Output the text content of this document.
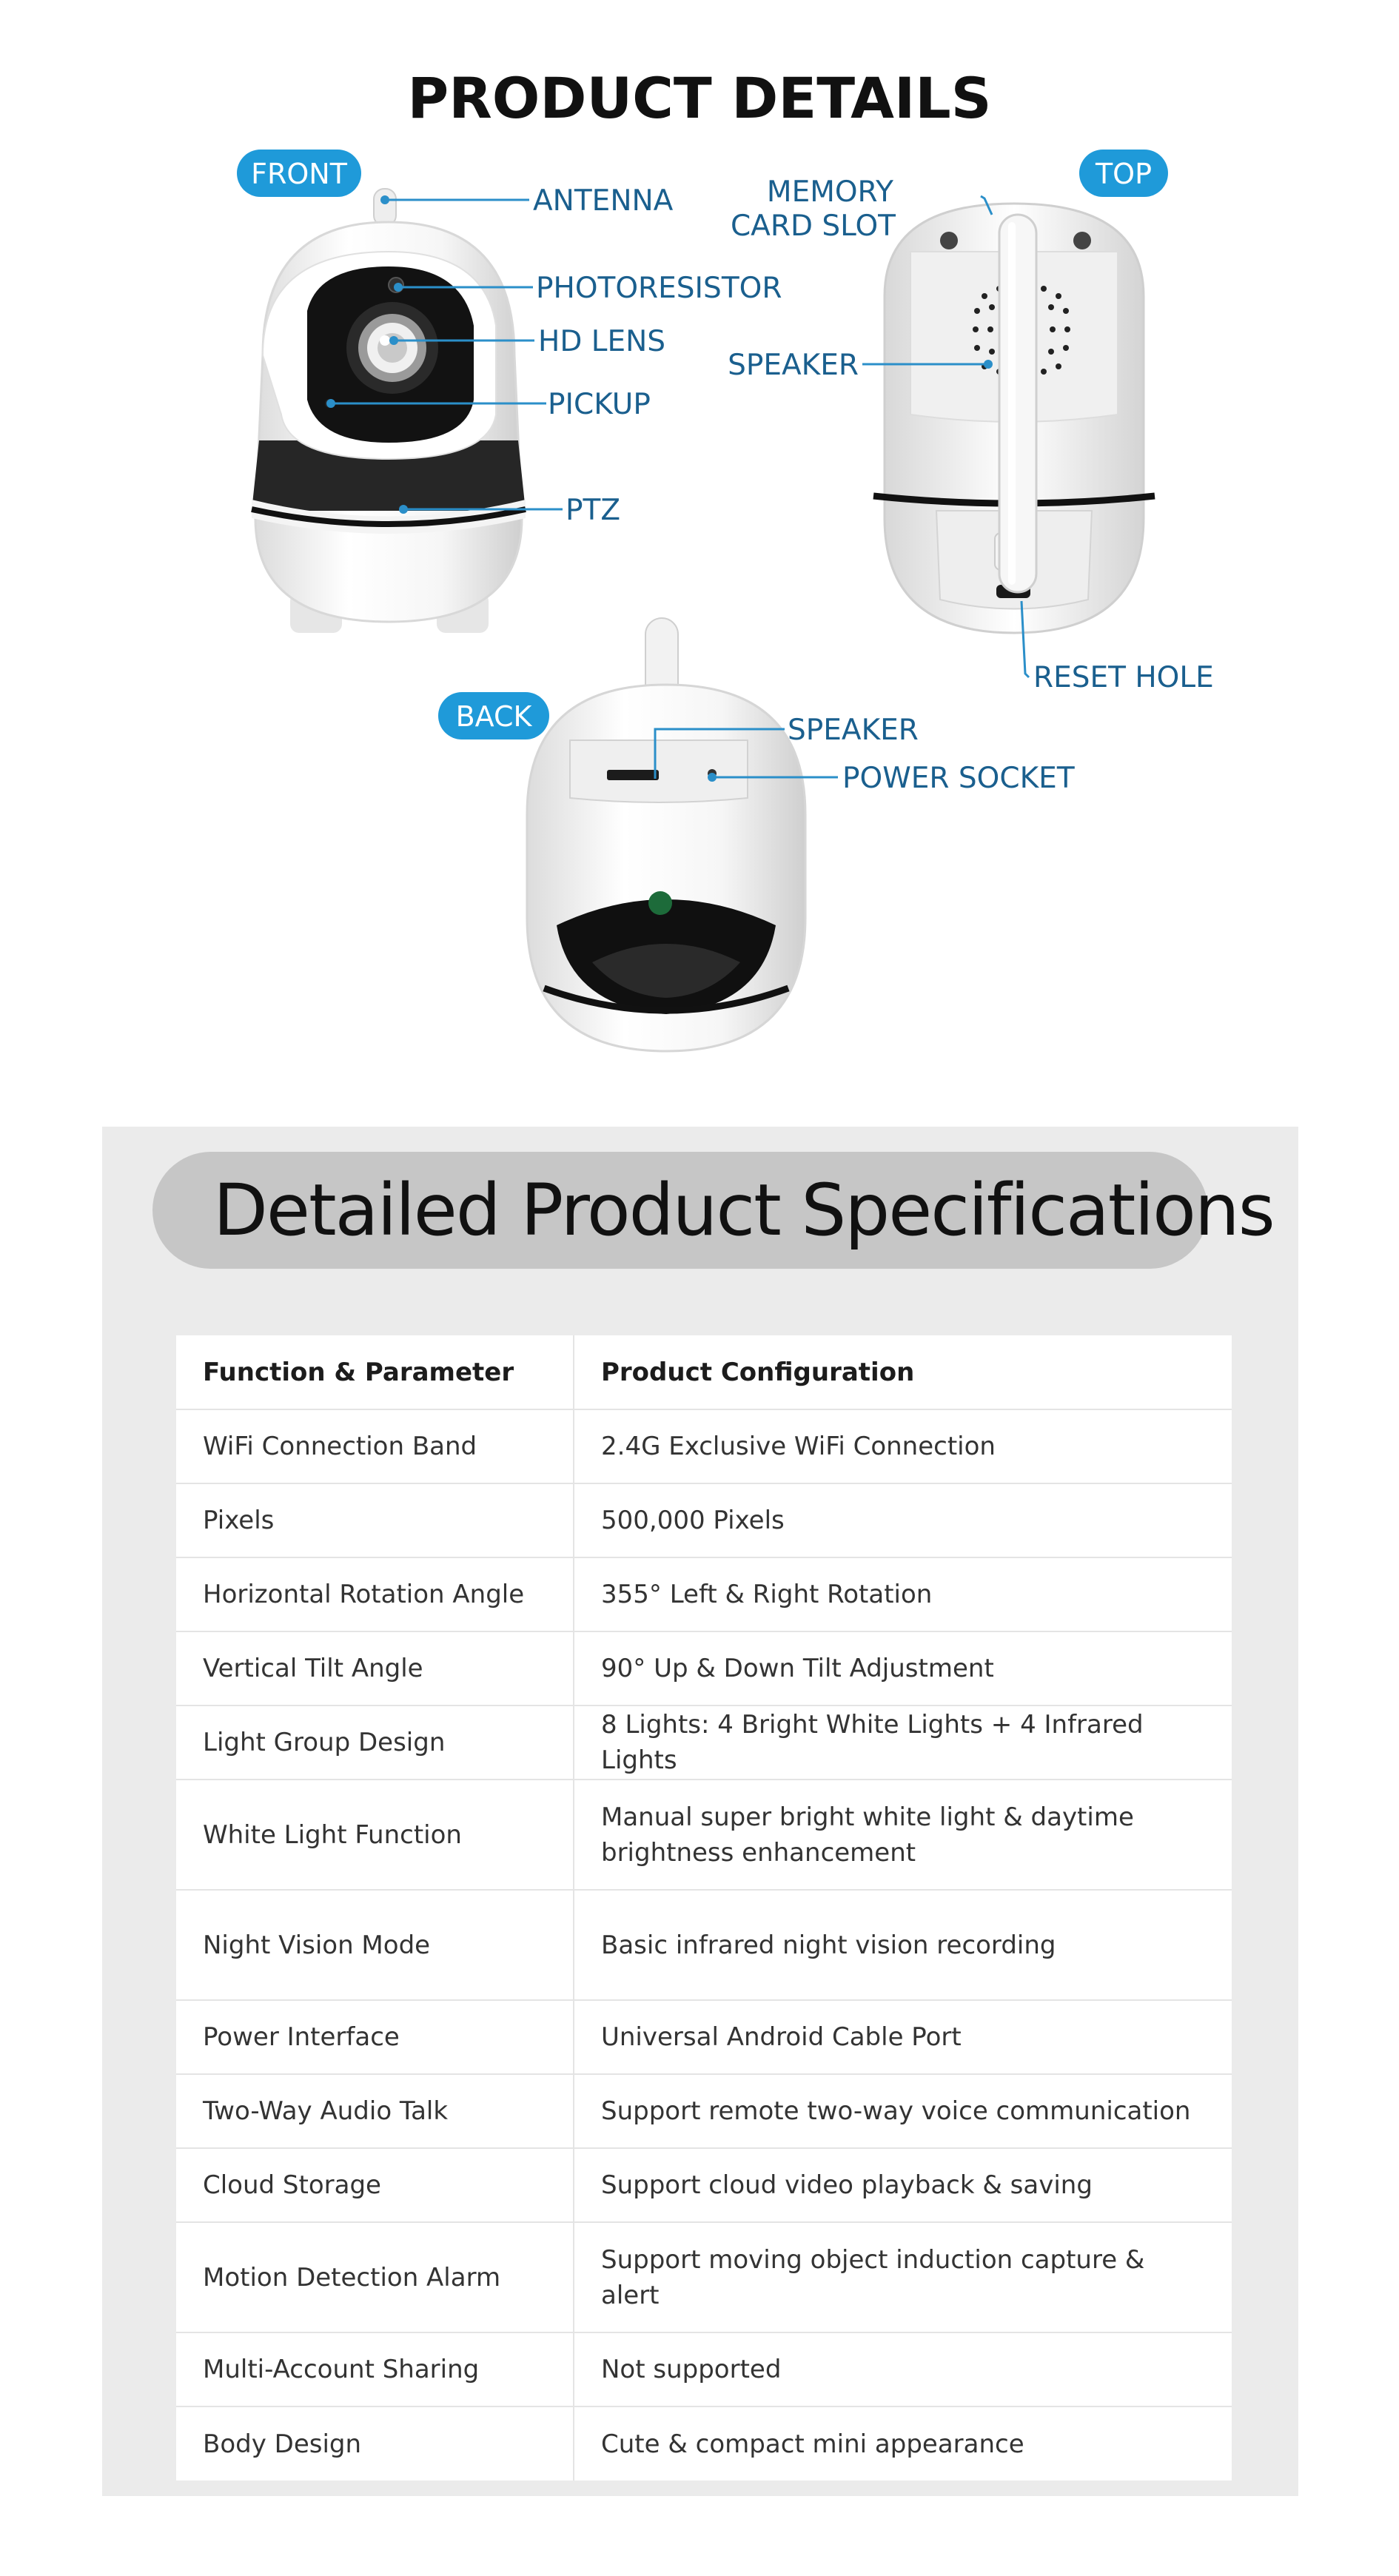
PRODUCT DETAILS
FRONT	TOP
BACK
ANTENNA
PHOTORESISTOR
HD LENS
PICKUP
PTZ
MEMORY
CARD SLOT
SPEAKER
RESET HOLE
SPEAKER
POWER SOCKET
Detailed Product Specifications
Function & Parameter	Product Configuration
WiFi Connection Band	2.4G Exclusive WiFi Connection
Pixels	500,000 Pixels
Horizontal Rotation Angle	355° Left & Right Rotation
Vertical Tilt Angle	90° Up & Down Tilt Adjustment
Light Group Design	8 Lights: 4 Bright White Lights + 4 Infrared Lights
White Light Function	Manual super bright white light & daytime brightness enhancement
Night Vision Mode	Basic infrared night vision recording
Power Interface	Universal Android Cable Port
Two-Way Audio Talk	Support remote two-way voice communication
Cloud Storage	Support cloud video playback & saving
Motion Detection Alarm	Support moving object induction capture & alert
Multi-Account Sharing	Not supported
Body Design	Cute & compact mini appearance
